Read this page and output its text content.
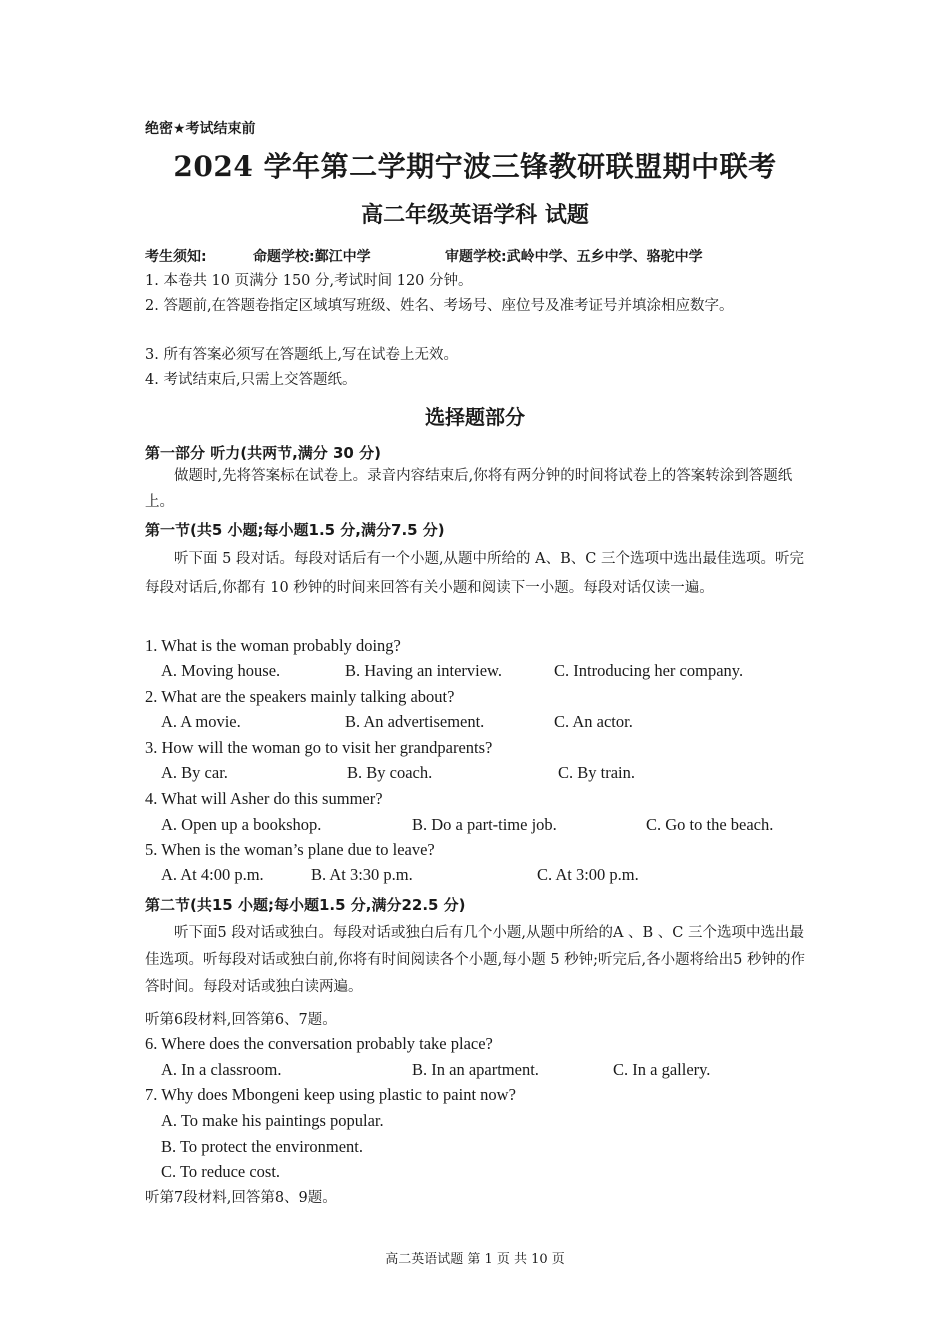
绝密★考试结束前
2024 学年第二学期宁波三锋教研联盟期中联考
高二年级英语学科 试题
考生须知:	命题学校:鄞江中学	审题学校:武岭中学、五乡中学、骆驼中学
1. 本卷共 10 页满分 150 分,考试时间 120 分钟。
2. 答题前,在答题卷指定区域填写班级、姓名、考场号、座位号及准考证号并填涂相应数字。
3. 所有答案必须写在答题纸上,写在试卷上无效。
4. 考试结束后,只需上交答题纸。
选择题部分
第一部分 听力(共两节,满分 30 分)
做题时,先将答案标在试卷上。录音内容结束后,你将有两分钟的时间将试卷上的答案转涂到答题纸上。
第一节(共5 小题;每小题1.5 分,满分7.5 分)
听下面 5 段对话。每段对话后有一个小题,从题中所给的 A、B、C 三个选项中选出最佳选项。听完每段对话后,你都有 10 秒钟的时间来回答有关小题和阅读下一小题。每段对话仅读一遍。
1. What is the woman probably doing?
A. Moving house.	B. Having an interview.	C. Introducing her company.
2. What are the speakers mainly talking about?
A. A movie.	B. An advertisement.	C. An actor.
3. How will the woman go to visit her grandparents?
A. By car.	B. By coach.	C. By train.
4. What will Asher do this summer?
A. Open up a bookshop.	B. Do a part-time job.	C. Go to the beach.
5. When is the woman’s plane due to leave?
A. At 4:00 p.m.	B. At 3:30 p.m.	C. At 3:00 p.m.
第二节(共15 小题;每小题1.5 分,满分22.5 分)
听下面5 段对话或独白。每段对话或独白后有几个小题,从题中所给的A 、B 、C 三个选项中选出最佳选项。听每段对话或独白前,你将有时间阅读各个小题,每小题 5 秒钟;听完后,各小题将给出5 秒钟的作答时间。每段对话或独白读两遍。
听第6段材料,回答第6、7题。
6. Where does the conversation probably take place?
A. In a classroom.	B. In an apartment.	C. In a gallery.
7. Why does Mbongeni keep using plastic to paint now?
A. To make his paintings popular.
B. To protect the environment.
C. To reduce cost.
听第7段材料,回答第8、9题。
高二英语试题 第 1 页 共 10 页
